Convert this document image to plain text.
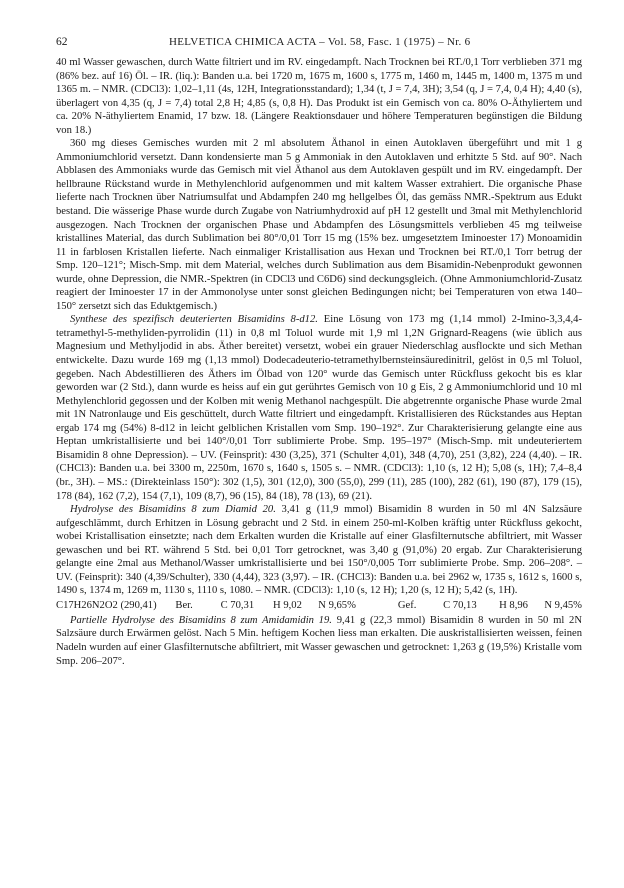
62	HELVETICA CHIMICA ACTA – Vol. 58, Fasc. 1 (1975) – Nr. 6

40 ml Wasser gewaschen, durch Watte filtriert und im RV. eingedampft. Nach Trocknen bei RT./0,1 Torr verblieben 371 mg (86% bez. auf 16) Öl. – IR. (liq.): Banden u.a. bei 1720 m, 1675 m, 1600 s, 1775 m, 1460 m, 1445 m, 1400 m, 1375 m und 1365 m. – NMR. (CDCl3): 1,02–1,11 (4s, 12H, Integrationsstandard); 1,34 (t, J = 7,4, 3H); 3,54 (q, J = 7,4, 0,4 H); 4,40 (s), überlagert von 4,35 (q, J = 7,4) total 2,8 H; 4,85 (s, 0,8 H). Das Produkt ist ein Gemisch von ca. 80% O-Äthyliertem und ca. 20% N-äthyliertem Enamid, 17 bzw. 18. (Längere Reaktionsdauer und höhere Temperaturen begünstigen die Bildung von 18.)

360 mg dieses Gemisches wurden mit 2 ml absolutem Äthanol in einen Autoklaven übergeführt und mit 1 g Ammoniumchlorid versetzt. Dann kondensierte man 5 g Ammoniak in den Autoklaven und erhitzte 5 Std. auf 90°. Nach Abblasen des Ammoniaks wurde das Gemisch mit viel Äthanol aus dem Autoklaven gespült und im RV. eingedampft. Der hellbraune Rückstand wurde in Methylenchlorid aufgenommen und mit kaltem Wasser extrahiert. Die organische Phase lieferte nach Trocknen über Natriumsulfat und Abdampfen 240 mg hellgelbes Öl, das gemäss NMR.-Spektrum aus Edukt bestand. Die wässerige Phase wurde durch Zugabe von Natriumhydroxid auf pH 12 gestellt und 3mal mit Methylenchlorid ausgezogen. Nach Trocknen der organischen Phase und Abdampfen des Lösungsmittels verblieben 45 mg teilweise kristallines Material, das durch Sublimation bei 80°/0,01 Torr 15 mg (15% bez. umgesetztem Iminoester 17) Monoamidin 11 in farblosen Kristallen lieferte. Nach einmaliger Kristallisation aus Hexan und Trocknen bei RT./0,1 Torr betrug der Smp. 120–121°; Misch-Smp. mit dem Material, welches durch Sublimation aus dem Bisamidin-Nebenprodukt gewonnen wurde, ohne Depression, die NMR.-Spektren (in CDCl3 und C6D6) sind deckungsgleich. (Ohne Ammoniumchlorid-Zusatz reagiert der Iminoester 17 in der Ammonolyse unter sonst gleichen Bedingungen nicht; bei Temperaturen von etwa 140–150° zersetzt sich das Eduktgemisch.)

Synthese des spezifisch deuterierten Bisamidins 8-d12. Eine Lösung von 173 mg (1,14 mmol) 2-Imino-3,3,4,4-tetramethyl-5-methyliden-pyrrolidin (11) in 0,8 ml Toluol wurde mit 1,9 ml 1,2N Grignard-Reagens (wie üblich aus Magnesium und Methyljodid in abs. Äther bereitet) versetzt, wobei ein grauer Niederschlag ausflockte und sich Methan entwickelte. Dazu wurde 169 mg (1,13 mmol) Dodecadeuterio-tetramethylbernsteinsäuredinitril, gelöst in 0,5 ml Toluol, gegeben. Nach Abdestillieren des Äthers im Ölbad von 120° wurde das Gemisch unter Rückfluss gekocht bis es klar geworden war (2 Std.), dann wurde es heiss auf ein gut gerührtes Gemisch von 10 g Eis, 2 g Ammoniumchlorid und 10 ml Methylenchlorid gegossen und der Kolben mit wenig Methanol nachgespült. Die abgetrennte organische Phase wurde 2mal mit 1N Natronlauge und Eis geschüttelt, durch Watte filtriert und eingedampft. Kristallisieren des Rückstandes aus Heptan ergab 174 mg (54%) 8-d12 in leicht gelblichen Kristallen vom Smp. 190–192°. Zur Charakterisierung gelangte eine aus Heptan umkristallisierte und bei 140°/0,01 Torr sublimierte Probe. Smp. 195–197° (Misch-Smp. mit undeuteriertem Bisamidin 8 ohne Depression). – UV. (Feinsprit): 430 (3,25), 371 (Schulter 4,01), 348 (4,70), 251 (3,82), 224 (4,40). – IR. (CHCl3): Banden u.a. bei 3300 m, 2250m, 1670 s, 1640 s, 1505 s. – NMR. (CDCl3): 1,10 (s, 12 H); 5,08 (s, 1H); 7,4–8,4 (br., 3H). – MS.: (Direkteinlass 150°): 302 (1,5), 301 (12,0), 300 (55,0), 299 (11), 285 (100), 282 (61), 190 (87), 179 (15), 178 (84), 162 (7,2), 154 (7,1), 109 (8,7), 96 (15), 84 (18), 78 (13), 69 (21).

Hydrolyse des Bisamidins 8 zum Diamid 20. 3,41 g (11,9 mmol) Bisamidin 8 wurden in 50 ml 4N Salzsäure aufgeschlämmt, durch Erhitzen in Lösung gebracht und 2 Std. in einem 250-ml-Kolben kräftig unter Rückfluss gekocht, wobei Kristallisation einsetzte; nach dem Erkalten wurden die Kristalle auf einer Glasfilternutsche abfiltriert, mit Wasser gewaschen und bei RT. während 5 Std. bei 0,01 Torr getrocknet, was 3,40 g (91,0%) 20 ergab. Zur Charakterisierung gelangte eine 2mal aus Methanol/Wasser umkristallisierte und bei 150°/0,005 Torr sublimierte Probe. Smp. 206–208°. – UV. (Feinsprit): 340 (4,39/Schulter), 330 (4,44), 323 (3,97). – IR. (CHCl3): Banden u.a. bei 2962 w, 1735 s, 1612 s, 1600 s, 1490 s, 1374 m, 1269 m, 1130 s, 1110 s, 1080. – NMR. (CDCl3): 1,10 (s, 12 H); 1,20 (s, 12 H); 5,42 (s, 1H).

C17H26N2O2 (290,41)	Ber.	C 70,31	H 9,02	N 9,65%	Gef.	C 70,13	H 8,96	N 9,45%

Partielle Hydrolyse des Bisamidins 8 zum Amidamidin 19. 9,41 g (22,3 mmol) Bisamidin 8 wurden in 50 ml 2N Salzsäure durch Erwärmen gelöst. Nach 5 Min. heftigem Kochen liess man erkalten. Die auskristallisierten weissen, feinen Nadeln wurden auf einer Glasfilternutsche abfiltriert, mit Wasser gewaschen und getrocknet: 1,263 g (19,5%) Kristalle vom Smp. 206–207°.
